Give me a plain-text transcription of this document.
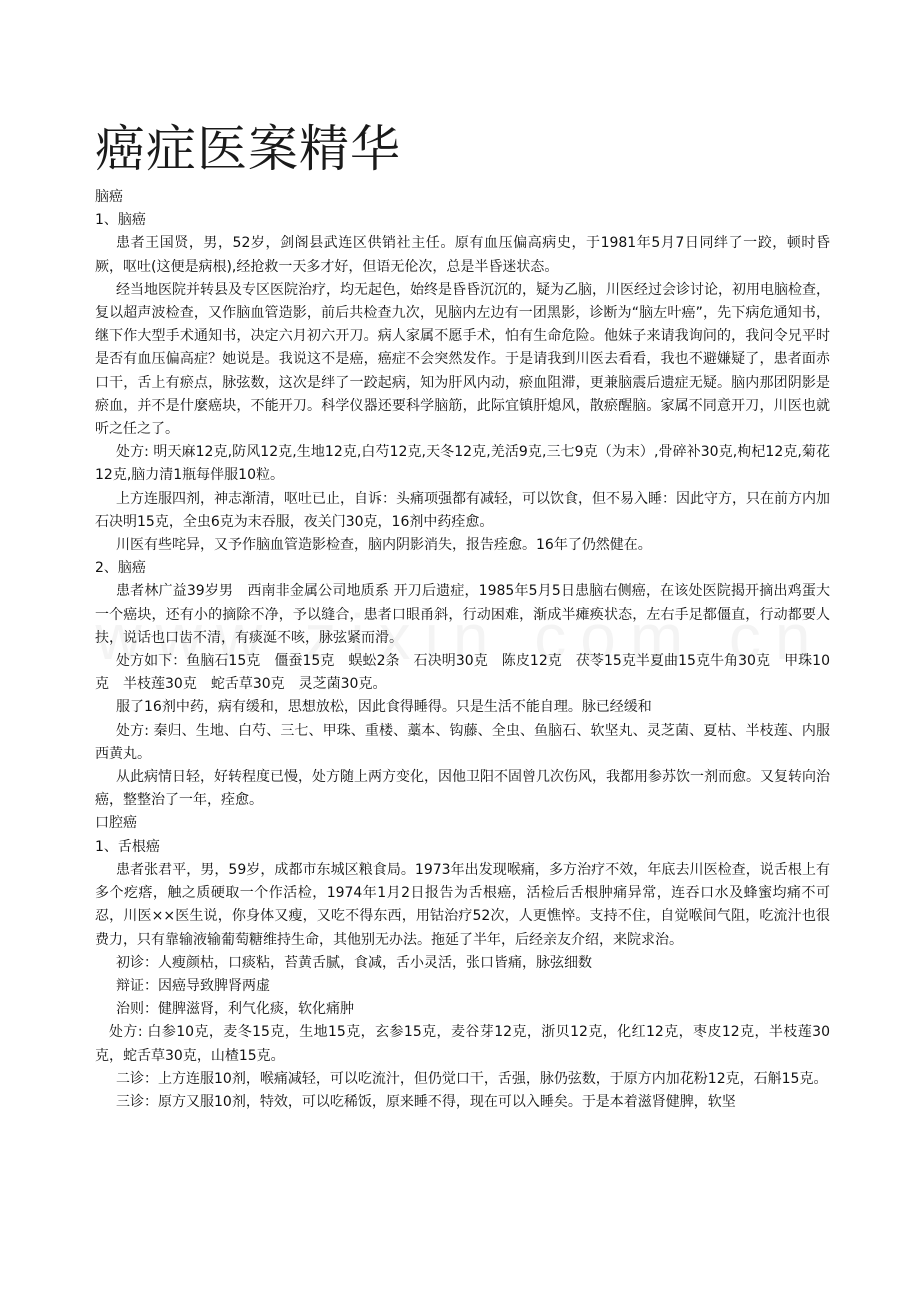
癌症医案精华

脑癌

1、脑癌

患者王国贤，男，52岁，剑阁县武连区供销社主任。原有血压偏高病史，于1981年5月7日同绊了一跤，顿时昏厥，呕吐(这便是病根),经抢救一天多才好，但语无伦次，总是半昏迷状态。

经当地医院并转县及专区医院治疗，均无起色，始终是昏昏沉沉的，疑为乙脑，川医经过会诊讨论，初用电脑检查，复以超声波检查，又作脑血管造影，前后共检查九次，见脑内左边有一团黑影，诊断为“脑左叶癌”，先下病危通知书，继下作大型手术通知书，决定六月初六开刀。病人家属不愿手术，怕有生命危险。他妹子来请我询问的，我问令兄平时是否有血压偏高症？她说是。我说这不是癌，癌症不会突然发作。于是请我到川医去看看，我也不避嫌疑了，患者面赤口干，舌上有瘀点，脉弦数，这次是绊了一跤起病，知为肝风内动，瘀血阻滞，更兼脑震后遗症无疑。脑内那团阴影是瘀血，并不是什麼癌块，不能开刀。科学仪器还要科学脑筋，此际宜镇肝熄风，散瘀醒脑。家属不同意开刀，川医也就听之任之了。

处方: 明天麻12克,防风12克,生地12克,白芍12克,天冬12克,羌活9克,三七9克（为末）,骨碎补30克,枸杞12克,菊花12克,脑力清1瓶每伴服10粒。

上方连服四剂，神志渐清，呕吐已止，自诉：头痛项强都有减轻，可以饮食，但不易入睡：因此守方，只在前方内加石决明15克，全虫6克为末吞服，夜关门30克，16剂中药痊愈。

川医有些咤异，又予作脑血管造影检查，脑内阴影消失，报告痊愈。16年了仍然健在。

2、脑癌

患者林广益39岁男　西南非金属公司地质系 开刀后遗症，1985年5月5日患脑右侧癌，在该处医院揭开摘出鸡蛋大一个癌块，还有小的摘除不净，予以缝合，患者口眼甬斜，行动困难，渐成半瘫痪状态，左右手足都僵直，行动都要人扶，说话也口齿不清，有痰涎不咳，脉弦紧而滑。

处方如下：鱼脑石15克　僵蚕15克　蜈蚣2条　石决明30克　陈皮12克　茯苓15克半夏曲15克牛角30克　甲珠10克　半枝莲30克　蛇舌草30克　灵芝菌30克。

服了16剂中药，病有缓和，思想放松，因此食得睡得。只是生活不能自理。脉已经缓和

处方: 秦归、生地、白芍、三七、甲珠、重楼、藁本、钩藤、全虫、鱼脑石、软坚丸、灵芝菌、夏枯、半枝莲、内服西黄丸。

从此病情日轻，好转程度已慢，处方随上两方变化，因他卫阳不固曾几次伤风，我都用参苏饮一剂而愈。又复转向治癌，整整治了一年，痊愈。

口腔癌

1、舌根癌

患者张君平，男，59岁，成都市东城区粮食局。1973年出发现喉痛，多方治疗不效，年底去川医检查，说舌根上有多个疙瘩，触之质硬取一个作活检，1974年1月2日报告为舌根癌，活检后舌根肿痛异常，连吞口水及蜂蜜均痛不可忍，川医××医生说，你身体又瘦，又吃不得东西，用钴治疗52次，人更憔悴。支持不住，自觉喉间气阻，吃流汁也很费力，只有靠输液输葡萄糖维持生命，其他别无办法。拖延了半年，后经亲友介绍，来院求治。

初诊：人瘦颜枯，口痰粘，苔黄舌腻，食减，舌小灵活，张口皆痛，脉弦细数

辩证：因癌导致脾肾两虚

治则：健脾滋肾，利气化痰，软化痛肿

处方: 白参10克，麦冬15克，生地15克，玄参15克，麦谷芽12克，浙贝12克，化红12克，枣皮12克，半枝莲30克，蛇舌草30克，山楂15克。

二诊：上方连服10剂，喉痛减轻，可以吃流汁，但仍觉口干，舌强，脉仍弦数，于原方内加花粉12克，石斛15克。

三诊：原方又服10剂，特效，可以吃稀饭，原来睡不得，现在可以入睡矣。于是本着滋肾健脾，软坚
